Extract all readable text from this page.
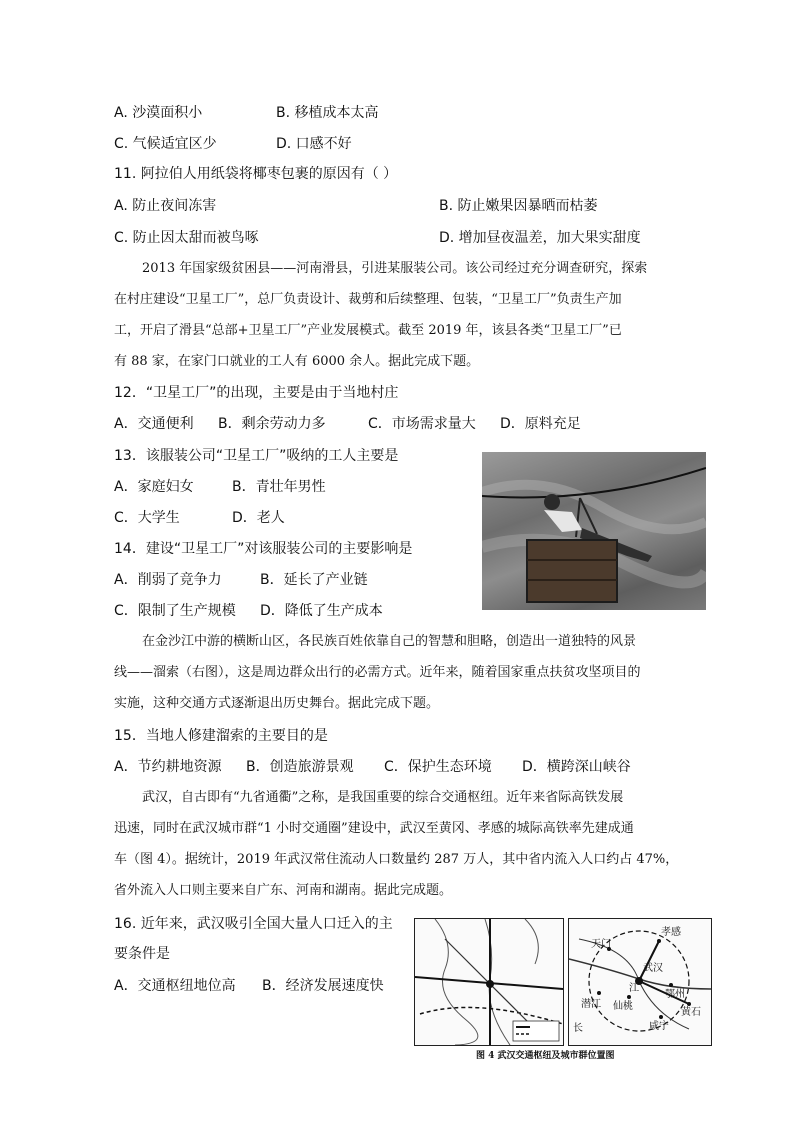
A. 沙漠面积小	B. 移植成本太高
C. 气候适宜区少	D. 口感不好
11. 阿拉伯人用纸袋将椰枣包裹的原因有（ ）
A. 防止夜间冻害	B. 防止嫩果因暴晒而枯萎
C. 防止因太甜而被鸟啄	D. 增加昼夜温差，加大果实甜度
2013 年国家级贫困县——河南滑县，引进某服装公司。该公司经过充分调查研究，探索
在村庄建设“卫星工厂”，总厂负责设计、裁剪和后续整理、包装，“卫星工厂”负责生产加
工，开启了滑县“总部+卫星工厂”产业发展模式。截至 2019 年，该县各类“卫星工厂”已
有 88 家，在家门口就业的工人有 6000 余人。据此完成下题。
12．“卫星工厂”的出现，主要是由于当地村庄
A．交通便利 B．剩余劳动力多	C．市场需求量大 D．原料充足
13．该服装公司“卫星工厂”吸纳的工人主要是
A．家庭妇女	B．青壮年男性
C．大学生	D．老人
14．建设“卫星工厂”对该服装公司的主要影响是
A．削弱了竞争力	B．延长了产业链
C．限制了生产规模 D．降低了生产成本
在金沙江中游的横断山区，各民族百姓依靠自己的智慧和胆略，创造出一道独特的风景
线——溜索（右图），这是周边群众出行的必需方式。近年来，随着国家重点扶贫攻坚项目的
实施，这种交通方式逐渐退出历史舞台。据此完成下题。
15．当地人修建溜索的主要目的是
A．节约耕地资源 B．创造旅游景观 C．保护生态环境 D．横跨深山峡谷
武汉，自古即有“九省通衢”之称，是我国重要的综合交通枢纽。近年来省际高铁发展
迅速，同时在武汉城市群“1 小时交通圈”建设中，武汉至黄冈、孝感的城际高铁率先建成通
车（图 4）。据统计，2019 年武汉常住流动人口数量约 287 万人，其中省内流入人口约占 47%，
省外流入人口则主要来自广东、河南和湖南。据此完成题。
16. 近年来，武汉吸引全国大量人口迁入的主
要条件是
A．交通枢纽地位高 B．经济发展速度快
天门
孝感
武汉
潜江 仙桃
鄂州
黄石
咸宁
江
长
图 4 武汉交通枢纽及城市群位置图
